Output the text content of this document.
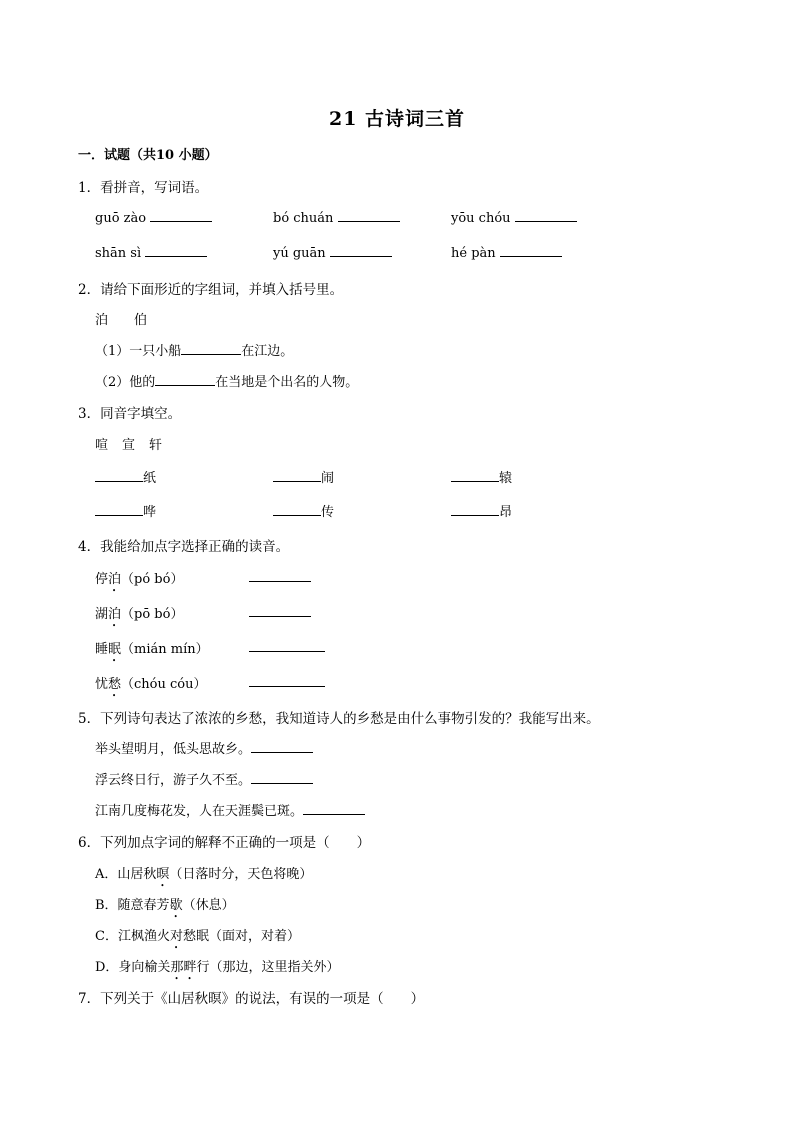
21 古诗词三首
一．试题（共10 小题）
1．看拼音，写词语。
guō zào	bó chuán	yōu chóu
shān sì	yú guān	hé pàn
2．请给下面形近的字组词，并填入括号里。
泊 伯
（1）一只小船	在江边。
（2）他的	在当地是个出名的人物。
3．同音字填空。
喧 宣 轩
纸	闹	辕
哗	传	昂
4．我能给加点字选择正确的读音。
停泊（pó bó）
湖泊（pō bó）
睡眠（mián mín）
忧愁（chóu cóu）
5．下列诗句表达了浓浓的乡愁，我知道诗人的乡愁是由什么事物引发的？我能写出来。
举头望明月，低头思故乡。
浮云终日行，游子久不至。
江南几度梅花发，人在天涯鬓已斑。
6．下列加点字词的解释不正确的一项是（　　）
A．山居秋暝（日落时分，天色将晚）
B．随意春芳歇（休息）
C．江枫渔火对愁眠（面对，对着）
D．身向榆关那畔行（那边，这里指关外）
7．下列关于《山居秋暝》的说法，有误的一项是（　　）
